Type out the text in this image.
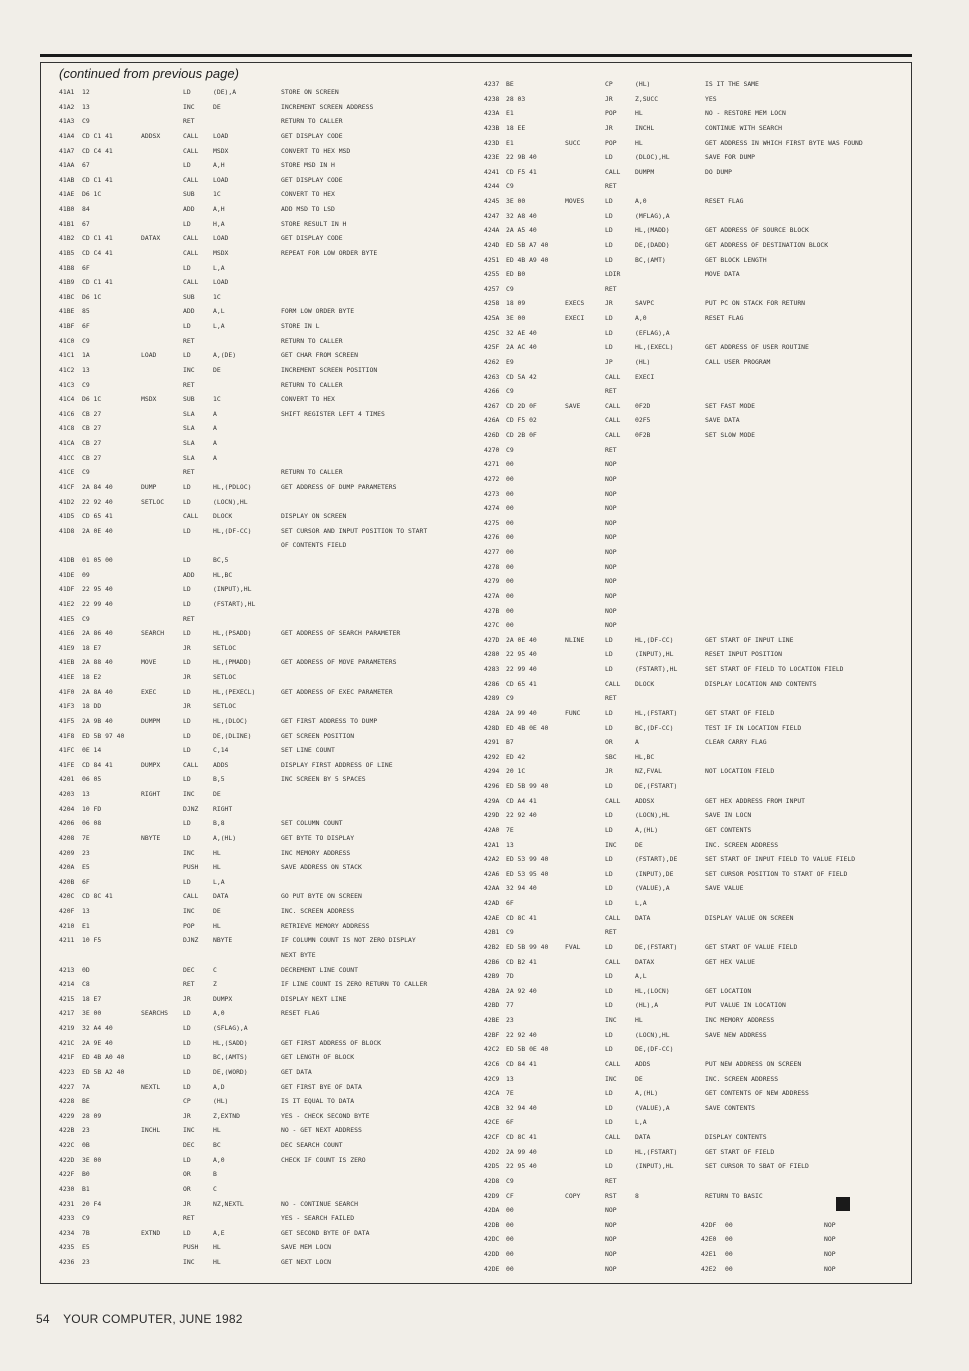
(continued from previous page)
41A1 12	LD	(DE),A	STORE ON SCREEN
41A2 13	INC	DE	INCREMENT SCREEN ADDRESS
41A3 C9	RET	RETURN TO CALLER
41A4 CD C1 41	ADDSX	CALL LOAD	GET DISPLAY CODE
41A7 CD C4 41	CALL MSDX	CONVERT TO HEX MSD
41AA 67	LD	A,H	STORE MSD IN H
41AB CD C1 41	CALL LOAD	GET DISPLAY CODE
41AE D6 1C	SUB	1C	CONVERT TO HEX
41B0 84	ADD	A,H	ADD MSD TO LSD
41B1 67	LD	H,A	STORE RESULT IN H
41B2 CD C1 41	DATAX	CALL LOAD	GET DISPLAY CODE
41B5 CD C4 41	CALL MSDX	REPEAT FOR LOW ORDER BYTE
41B8 6F	LD	L,A
41B9 CD C1 41	CALL LOAD
41BC D6 1C	SUB	1C
41BE 85	ADD	A,L	FORM LOW ORDER BYTE
41BF 6F	LD	L,A	STORE IN L
41C0 C9	RET	RETURN TO CALLER
41C1 1A	LOAD	LD	A,(DE)	GET CHAR FROM SCREEN
41C2 13	INC	DE	INCREMENT SCREEN POSITION
41C3 C9	RET	RETURN TO CALLER
41C4 D6 1C	MSDX	SUB	1C	CONVERT TO HEX
41C6 CB 27	SLA	A	SHIFT REGISTER LEFT 4 TIMES
41C8 CB 27	SLA	A
41CA CB 27	SLA	A
41CC CB 27	SLA	A
41CE C9	RET	RETURN TO CALLER
41CF 2A 84 40	DUMP	LD	HL,(PDLOC)	GET ADDRESS OF DUMP PARAMETERS
41D2 22 92 40	SETLOC	LD	(LOCN),HL
41D5 CD 65 41	CALL DLOCK	DISPLAY ON SCREEN
41D8 2A 0E 40	LD	HL,(DF-CC)	SET CURSOR AND INPUT POSITION TO START
OF CONTENTS FIELD
41DB 01 05 00	LD	BC,5
41DE 09	ADD	HL,BC
41DF 22 95 40	LD	(INPUT),HL
41E2 22 99 40	LD	(FSTART),HL
41E5 C9	RET
41E6 2A 86 40	SEARCH	LD	HL,(PSADD)	GET ADDRESS OF SEARCH PARAMETER
41E9 18 E7	JR	SETLOC
41EB 2A 88 40	MOVE	LD	HL,(PMADD)	GET ADDRESS OF MOVE PARAMETERS
41EE 18 E2	JR	SETLOC
41F0 2A 8A 40	EXEC	LD	HL,(PEXECL)	GET ADDRESS OF EXEC PARAMETER
41F3 18 DD	JR	SETLOC
41F5 2A 9B 40	DUMPM	LD	HL,(DLOC)	GET FIRST ADDRESS TO DUMP
41F8 ED 5B 97 40	LD	DE,(DLINE)	GET SCREEN POSITION
41FC 0E 14	LD	C,14	SET LINE COUNT
41FE CD 84 41	DUMPX	CALL ADDS	DISPLAY FIRST ADDRESS OF LINE
4201 06 05	LD	B,5	INC SCREEN BY 5 SPACES
4203 13	RIGHT	INC	DE
4204 10 FD	DJNZ RIGHT
4206 06 08	LD	B,8	SET COLUMN COUNT
4208 7E	NBYTE	LD	A,(HL)	GET BYTE TO DISPLAY
4209 23	INC	HL	INC MEMORY ADDRESS
420A E5	PUSH HL	SAVE ADDRESS ON STACK
420B 6F	LD	L,A
420C CD 8C 41	CALL DATA	GO PUT BYTE ON SCREEN
420F 13	INC	DE	INC. SCREEN ADDRESS
4210 E1	POP	HL	RETRIEVE MEMORY ADDRESS
4211 10 F5	DJNZ NBYTE	IF COLUMN COUNT IS NOT ZERO DISPLAY
NEXT BYTE
4213 0D	DEC	C	DECREMENT LINE COUNT
4214 C8	RET	Z	IF LINE COUNT IS ZERO RETURN TO CALLER
4215 18 E7	JR	DUMPX	DISPLAY NEXT LINE
4217 3E 00	SEARCHS LD	A,0	RESET FLAG
4219 32 A4 40	LD	(SFLAG),A
421C 2A 9E 40	LD	HL,(SADD)	GET FIRST ADDRESS OF BLOCK
421F ED 4B A0 40	LD	BC,(AMTS)	GET LENGTH OF BLOCK
4223 ED 5B A2 40	LD	DE,(WORD)	GET DATA
4227 7A	NEXTL	LD	A,D	GET FIRST BYE OF DATA
4228 BE	CP	(HL)	IS IT EQUAL TO DATA
4229 28 09	JR	Z,EXTND	YES - CHECK SECOND BYTE
422B 23	INCHL	INC	HL	NO - GET NEXT ADDRESS
422C 0B	DEC	BC	DEC SEARCH COUNT
422D 3E 00	LD	A,0	CHECK IF COUNT IS ZERO
422F B0	OR	B
4230 B1	OR	C
4231 20 F4	JR	NZ,NEXTL	NO - CONTINUE SEARCH
4233 C9	RET	YES - SEARCH FAILED
4234 7B	EXTND	LD	A,E	GET SECOND BYTE OF DATA
4235 E5	PUSH HL	SAVE MEM LOCN
4236 23	INC	HL	GET NEXT LOCN
4237 BE	CP	(HL)	IS IT THE SAME
4238 28 03	JR	Z,SUCC	YES
423A E1	POP	HL	NO - RESTORE MEM LOCN
423B 18 EE	JR	INCHL	CONTINUE WITH SEARCH
423D E1	SUCC	POP	HL	GET ADDRESS IN WHICH FIRST BYTE WAS FOUND
423E 22 9B 40	LD	(DLOC),HL	SAVE FOR DUMP
4241 CD F5 41	CALL DUMPM	DO DUMP
4244 C9	RET
4245 3E 00	MOVES	LD	A,0	RESET FLAG
4247 32 A8 40	LD	(MFLAG),A
424A 2A A5 40	LD	HL,(MADD)	GET ADDRESS OF SOURCE BLOCK
424D ED 5B A7 40	LD	DE,(DADD)	GET ADDRESS OF DESTINATION BLOCK
4251 ED 4B A9 40	LD	BC,(AMT)	GET BLOCK LENGTH
4255 ED B0	LDIR	MOVE DATA
4257 C9	RET
4258 18 09	EXECS	JR	SAVPC	PUT PC ON STACK FOR RETURN
425A 3E 00	EXECI	LD	A,0	RESET FLAG
425C 32 AE 40	LD	(EFLAG),A
425F 2A AC 40	LD	HL,(EXECL)	GET ADDRESS OF USER ROUTINE
4262 E9	JP	(HL)	CALL USER PROGRAM
4263 CD 5A 42	CALL EXECI
4266 C9	RET
4267 CD 2D 0F	SAVE	CALL 0F2D	SET FAST MODE
426A CD F5 02	CALL 02F5	SAVE DATA
426D CD 2B 0F	CALL 0F2B	SET SLOW MODE
4270 C9	RET
4271 00	NOP
4272 00	NOP
4273 00	NOP
4274 00	NOP
4275 00	NOP
4276 00	NOP
4277 00	NOP
4278 00	NOP
4279 00	NOP
427A 00	NOP
427B 00	NOP
427C 00	NOP
427D 2A 0E 40	NLINE	LD	HL,(DF-CC)	GET START OF INPUT LINE
4280 22 95 40	LD	(INPUT),HL	RESET INPUT POSITION
4283 22 99 40	LD	(FSTART),HL	SET START OF FIELD TO LOCATION FIELD
4286 CD 65 41	CALL DLOCK	DISPLAY LOCATION AND CONTENTS
4289 C9	RET
428A 2A 99 40	FUNC	LD	HL,(FSTART)	GET START OF FIELD
428D ED 4B 0E 40	LD	BC,(DF-CC)	TEST IF IN LOCATION FIELD
4291 B7	OR	A	CLEAR CARRY FLAG
4292 ED 42	SBC	HL,BC
4294 20 1C	JR	NZ,FVAL	NOT LOCATION FIELD
4296 ED 5B 99 40	LD	DE,(FSTART)
429A CD A4 41	CALL ADDSX	GET HEX ADDRESS FROM INPUT
429D 22 92 40	LD	(LOCN),HL	SAVE IN LOCN
42A0 7E	LD	A,(HL)	GET CONTENTS
42A1 13	INC	DE	INC. SCREEN ADDRESS
42A2 ED 53 99 40	LD	(FSTART),DE	SET START OF INPUT FIELD TO VALUE FIELD
42A6 ED 53 95 40	LD	(INPUT),DE	SET CURSOR POSITION TO START OF FIELD
42AA 32 94 40	LD	(VALUE),A	SAVE VALUE
42AD 6F	LD	L,A
42AE CD 8C 41	CALL DATA	DISPLAY VALUE ON SCREEN
42B1 C9	RET
42B2 ED 5B 99 40	FVAL	LD	DE,(FSTART)	GET START OF VALUE FIELD
42B6 CD B2 41	CALL DATAX	GET HEX VALUE
42B9 7D	LD	A,L
42BA 2A 92 40	LD	HL,(LOCN)	GET LOCATION
42BD 77	LD	(HL),A	PUT VALUE IN LOCATION
42BE 23	INC	HL	INC MEMORY ADDRESS
42BF 22 92 40	LD	(LOCN),HL	SAVE NEW ADDRESS
42C2 ED 5B 0E 40	LD	DE,(DF-CC)
42C6 CD 84 41	CALL ADDS	PUT NEW ADDRESS ON SCREEN
42C9 13	INC	DE	INC. SCREEN ADDRESS
42CA 7E	LD	A,(HL)	GET CONTENTS OF NEW ADDRESS
42CB 32 94 40	LD	(VALUE),A	SAVE CONTENTS
42CE 6F	LD	L,A
42CF CD 8C 41	CALL DATA	DISPLAY CONTENTS
42D2 2A 99 40	LD	HL,(FSTART)	GET START OF FIELD
42D5 22 95 40	LD	(INPUT),HL	SET CURSOR TO SBAT OF FIELD
42D8 C9	RET
42D9 CF	COPY	RST	8	RETURN TO BASIC
42DA 00	NOP
42DB 00	NOP	42DF 00	NOP
42DC 00	NOP	42E0 00	NOP
42DD 00	NOP	42E1 00	NOP
42DE 00	NOP	42E2 00	NOP
54 YOUR COMPUTER, JUNE 1982
